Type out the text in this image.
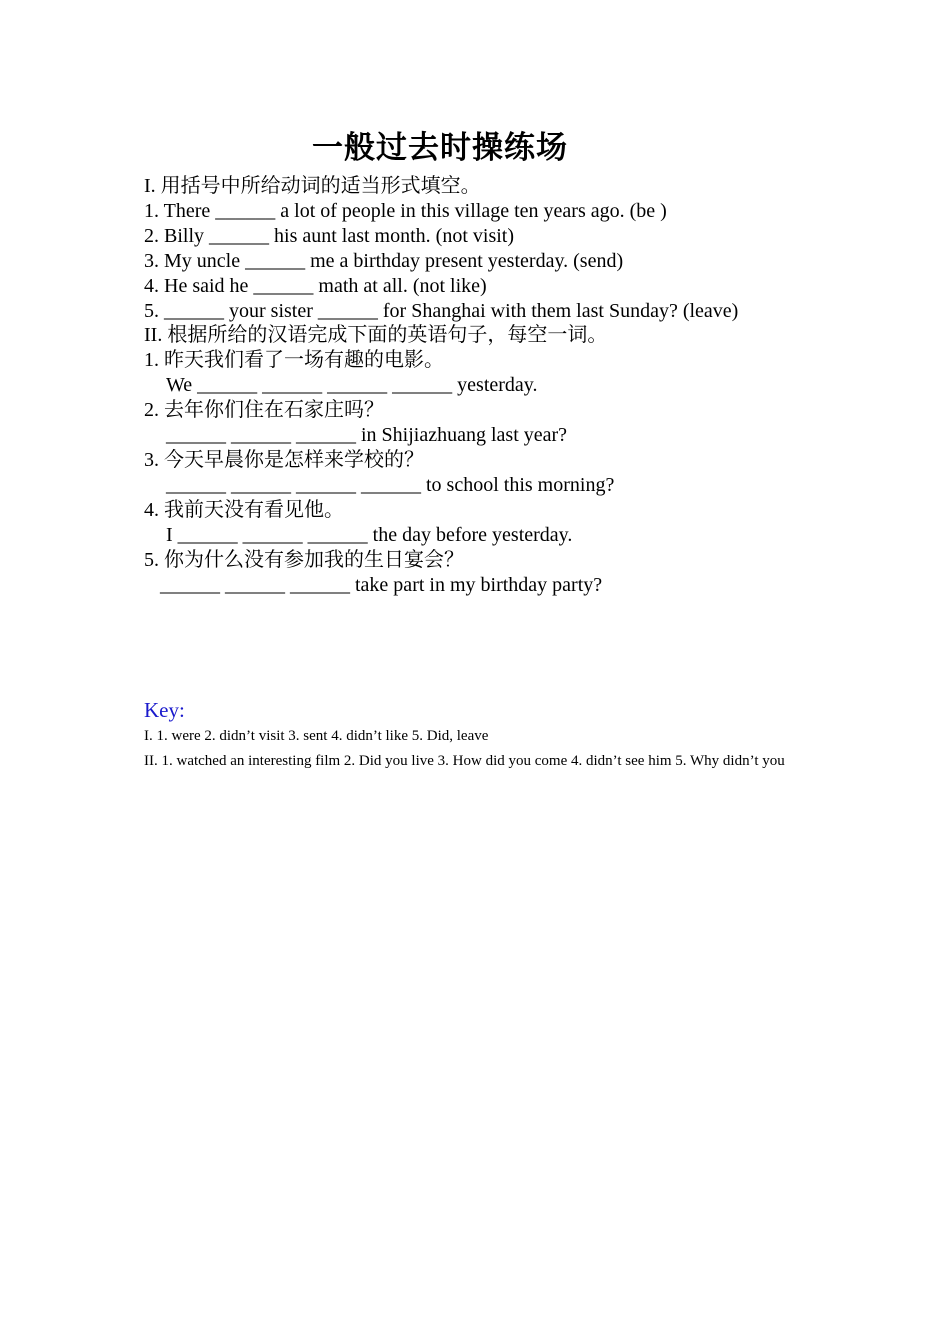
一般过去时操练场
I. 用括号中所给动词的适当形式填空。
1. There ______ a lot of people in this village ten years ago. (be )
2. Billy ______ his aunt last month. (not visit)
3. My uncle ______ me a birthday present yesterday. (send)
4. He said he ______ math at all. (not like)
5. ______ your sister ______ for Shanghai with them last Sunday? (leave)
II. 根据所给的汉语完成下面的英语句子，每空一词。
1. 昨天我们看了一场有趣的电影。
We ______ ______ ______ ______ yesterday.
2. 去年你们住在石家庄吗？
______ ______ ______ in Shijiazhuang last year?
3. 今天早晨你是怎样来学校的？
______ ______ ______ ______ to school this morning?
4. 我前天没有看见他。
I ______ ______ ______ the day before yesterday.
5. 你为什么没有参加我的生日宴会？
______ ______ ______ take part in my birthday party?
Key:
I. 1. were 2. didn’t visit 3. sent 4. didn’t like 5. Did, leave
II. 1. watched an interesting film 2. Did you live 3. How did you come 4. didn’t see him 5. Why didn’t you
